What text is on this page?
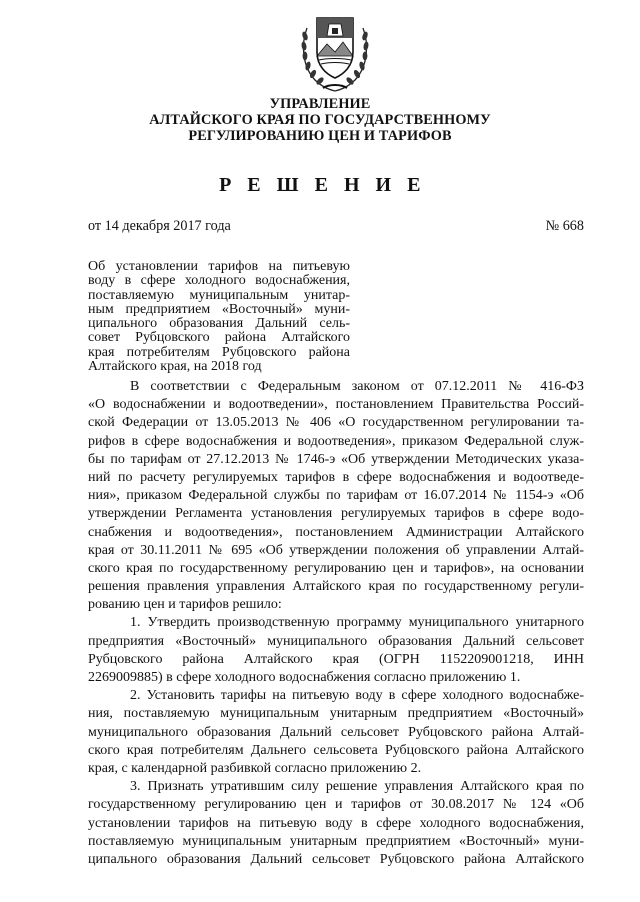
УПРАВЛЕНИЕ
АЛТАЙСКОГО КРАЯ ПО ГОСУДАРСТВЕННОМУ
РЕГУЛИРОВАНИЮ ЦЕН И ТАРИФОВ
Р Е Ш Е Н И Е
от 14 декабря 2017 года	№ 668
Об установлении тарифов на питьевую
воду в сфере холодного водоснабжения,
поставляемую муниципальным унитар-
ным предприятием «Восточный» муни-
ципального образования Дальний сель-
совет Рубцовского района Алтайского
края потребителям Рубцовского района
Алтайского края, на 2018 год
В соответствии с Федеральным законом от 07.12.2011 № 416-ФЗ
«О водоснабжении и водоотведении», постановлением Правительства Россий-
ской Федерации от 13.05.2013 № 406 «О государственном регулировании та-
рифов в сфере водоснабжения и водоотведения», приказом Федеральной служ-
бы по тарифам от 27.12.2013 № 1746-э «Об утверждении Методических указа-
ний по расчету регулируемых тарифов в сфере водоснабжения и водоотведе-
ния», приказом Федеральной службы по тарифам от 16.07.2014 № 1154-э «Об
утверждении Регламента установления регулируемых тарифов в сфере водо-
снабжения и водоотведения», постановлением Администрации Алтайского
края от 30.11.2011 № 695 «Об утверждении положения об управлении Алтай-
ского края по государственному регулированию цен и тарифов», на основании
решения правления управления Алтайского края по государственному регули-
рованию цен и тарифов решило:
1. Утвердить производственную программу муниципального унитарного
предприятия «Восточный» муниципального образования Дальний сельсовет
Рубцовского района Алтайского края (ОГРН 1152209001218, ИНН
2269009885) в сфере холодного водоснабжения согласно приложению 1.
2. Установить тарифы на питьевую воду в сфере холодного водоснабже-
ния, поставляемую муниципальным унитарным предприятием «Восточный»
муниципального образования Дальний сельсовет Рубцовского района Алтай-
ского края потребителям Дальнего сельсовета Рубцовского района Алтайского
края, с календарной разбивкой согласно приложению 2.
3. Признать утратившим силу решение управления Алтайского края по
государственному регулированию цен и тарифов от 30.08.2017 № 124 «Об
установлении тарифов на питьевую воду в сфере холодного водоснабжения,
поставляемую муниципальным унитарным предприятием «Восточный» муни-
ципального образования Дальний сельсовет Рубцовского района Алтайского
